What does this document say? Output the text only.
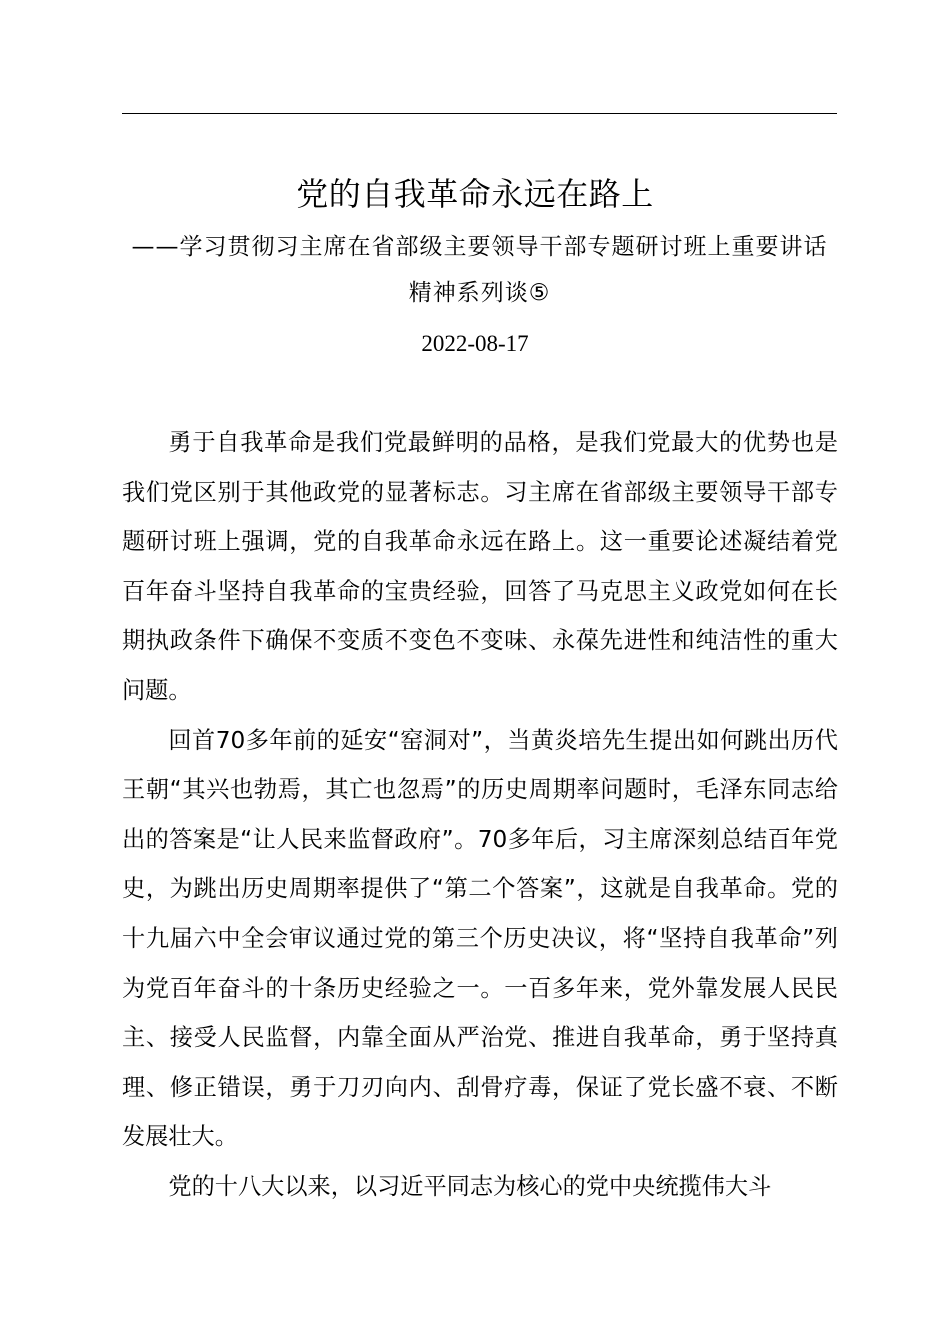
党的自我革命永远在路上
——学习贯彻习主席在省部级主要领导干部专题研讨班上重要讲话精神系列谈⑤
2022-08-17

勇于自我革命是我们党最鲜明的品格，是我们党最大的优势也是我们党区别于其他政党的显著标志。习主席在省部级主要领导干部专题研讨班上强调，党的自我革命永远在路上。这一重要论述凝结着党百年奋斗坚持自我革命的宝贵经验，回答了马克思主义政党如何在长期执政条件下确保不变质不变色不变味、永葆先进性和纯洁性的重大问题。

回首70多年前的延安“窑洞对”，当黄炎培先生提出如何跳出历代王朝“其兴也勃焉，其亡也忽焉”的历史周期率问题时，毛泽东同志给出的答案是“让人民来监督政府”。70多年后，习主席深刻总结百年党史，为跳出历史周期率提供了“第二个答案”，这就是自我革命。党的十九届六中全会审议通过党的第三个历史决议，将“坚持自我革命”列为党百年奋斗的十条历史经验之一。一百多年来，党外靠发展人民民主、接受人民监督，内靠全面从严治党、推进自我革命，勇于坚持真理、修正错误，勇于刀刃向内、刮骨疗毒，保证了党长盛不衰、不断发展壮大。

党的十八大以来，以习近平同志为核心的党中央统揽伟大斗
